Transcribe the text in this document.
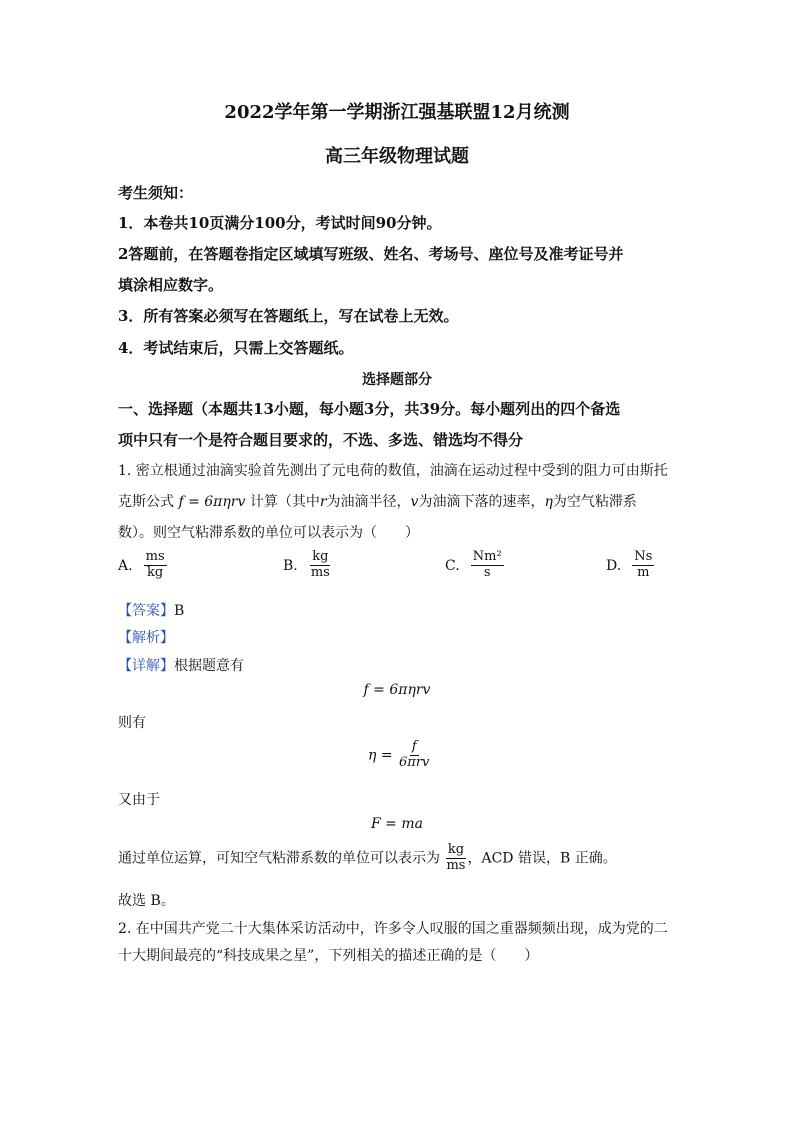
2022学年第一学期浙江强基联盟12月统测
高三年级物理试题
考生须知：
1．本卷共10页满分100分，考试时间90分钟。
2答题前，在答题卷指定区域填写班级、姓名、考场号、座位号及准考证号并
填涂相应数字。
3．所有答案必须写在答题纸上，写在试卷上无效。
4．考试结束后，只需上交答题纸。
选择题部分
一、选择题（本题共13小题，每小题3分，共39分。每小题列出的四个备选
项中只有一个是符合题目要求的，不选、多选、错选均不得分
1. 密立根通过油滴实验首先测出了元电荷的数值，油滴在运动过程中受到的阻力可由斯托
克斯公式 f = 6πηrv 计算（其中r为油滴半径，v为油滴下落的速率，η为空气粘滞系
数）。则空气粘滞系数的单位可以表示为（　　）
A. $\frac{ms}{kg}$	B. $\frac{kg}{ms}$	C. $\frac{\text{Nm²}}{s}$	D. $\frac{Ns}{m}$
【答案】B
【解析】
【详解】根据题意有
f = 6πηrv
则有
$\eta = \frac{f}{\text{6πrv}}$
又由于
F = ma
通过单位运算，可知空气粘滞系数的单位可以表示为 $\frac{kg}{ms}$ ，ACD 错误，B 正确。
故选 B。
2. 在中国共产党二十大集体采访活动中，许多令人叹服的国之重器频频出现，成为党的二
十大期间最亮的“科技成果之星”，下列相关的描述正确的是（　　）
